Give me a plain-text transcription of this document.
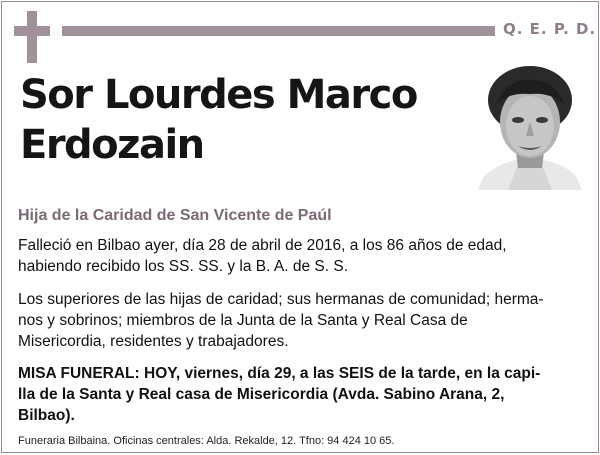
Q. E. P. D.
Sor Lourdes Marco
Erdozain
Hija de la Caridad de San Vicente de Paúl
Falleció en Bilbao ayer, día 28 de abril de 2016, a los 86 años de edad,
habiendo recibido los SS. SS. y la B. A. de S. S.
Los superiores de las hijas de caridad; sus hermanas de comunidad; herma-
nos y sobrinos; miembros de la Junta de la Santa y Real Casa de
Misericordia, residentes y trabajadores.
MISA FUNERAL: HOY, viernes, día 29, a las SEIS de la tarde, en la capi-
lla de la Santa y Real casa de Misericordia (Avda. Sabino Arana, 2,
Bilbao).
Funeraria Bilbaina. Oficinas centrales: Alda. Rekalde, 12. Tfno: 94 424 10 65.
